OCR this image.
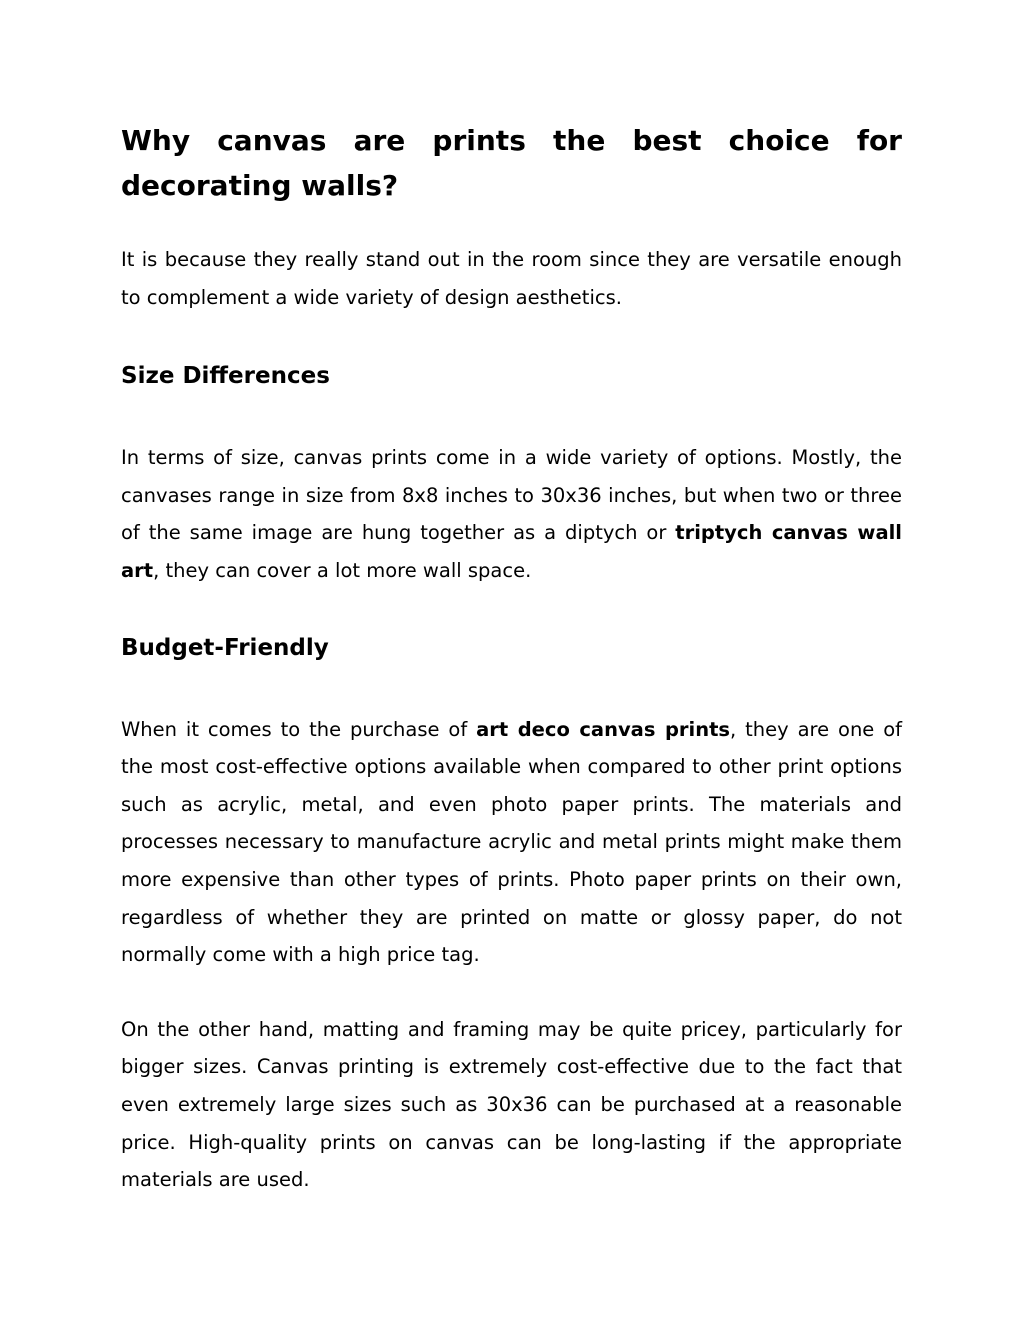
Why canvas are prints the best choice for decorating walls?

It is because they really stand out in the room since they are versatile enough to complement a wide variety of design aesthetics.

Size Differences

In terms of size, canvas prints come in a wide variety of options. Mostly, the canvases range in size from 8x8 inches to 30x36 inches, but when two or three of the same image are hung together as a diptych or triptych canvas wall art, they can cover a lot more wall space.

Budget-Friendly

When it comes to the purchase of art deco canvas prints, they are one of the most cost-effective options available when compared to other print options such as acrylic, metal, and even photo paper prints. The materials and processes necessary to manufacture acrylic and metal prints might make them more expensive than other types of prints. Photo paper prints on their own, regardless of whether they are printed on matte or glossy paper, do not normally come with a high price tag.

On the other hand, matting and framing may be quite pricey, particularly for bigger sizes. Canvas printing is extremely cost-effective due to the fact that even extremely large sizes such as 30x36 can be purchased at a reasonable price. High-quality prints on canvas can be long-lasting if the appropriate materials are used.
